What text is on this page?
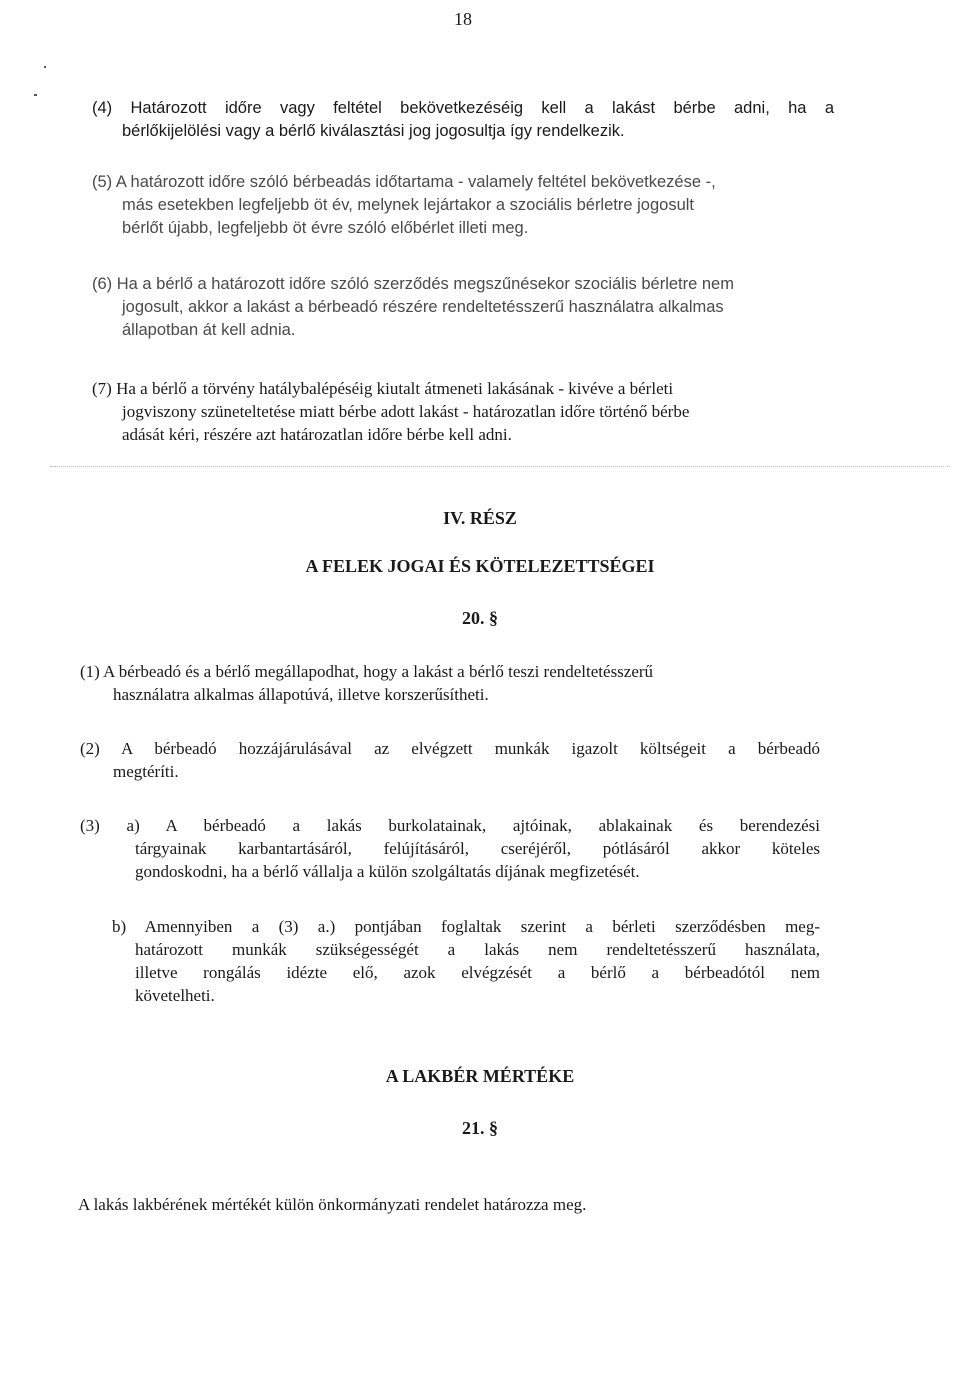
18
(4) Határozott időre vagy feltétel bekövetkezéséig kell a lakást bérbe adni, ha a
bérlőkijelölési vagy a bérlő kiválasztási jog jogosultja így rendelkezik.
(5) A határozott időre szóló bérbeadás időtartama - valamely feltétel bekövetkezése -,
más esetekben legfeljebb öt év, melynek lejártakor a szociális bérletre jogosult
bérlőt újabb, legfeljebb öt évre szóló előbérlet illeti meg.
(6) Ha a bérlő a határozott időre szóló szerződés megszűnésekor szociális bérletre nem
jogosult, akkor a lakást a bérbeadó részére rendeltetésszerű használatra alkalmas
állapotban át kell adnia.
(7) Ha a bérlő a törvény hatálybalépéséig kiutalt átmeneti lakásának - kivéve a bérleti
jogviszony szüneteltetése miatt bérbe adott lakást - határozatlan időre történő bérbe
adását kéri, részére azt határozatlan időre bérbe kell adni.
IV. RÉSZ
A FELEK JOGAI ÉS KÖTELEZETTSÉGEI
20. §
(1) A bérbeadó és a bérlő megállapodhat, hogy a lakást a bérlő teszi rendeltetésszerű
használatra alkalmas állapotúvá, illetve korszerűsítheti.
(2) A bérbeadó hozzájárulásával az elvégzett munkák igazolt költségeit a bérbeadó
megtéríti.
(3) a) A bérbeadó a lakás burkolatainak, ajtóinak, ablakainak és berendezési
tárgyainak karbantartásáról, felújításáról, cseréjéről, pótlásáról akkor köteles
gondoskodni, ha a bérlő vállalja a külön szolgáltatás díjának megfizetését.
b) Amennyiben a (3) a.) pontjában foglaltak szerint a bérleti szerződésben meg-
határozott munkák szükségességét a lakás nem rendeltetésszerű használata,
illetve rongálás idézte elő, azok elvégzését a bérlő a bérbeadótól nem
követelheti.
A LAKBÉR MÉRTÉKE
21. §
A lakás lakbérének mértékét külön önkormányzati rendelet határozza meg.
